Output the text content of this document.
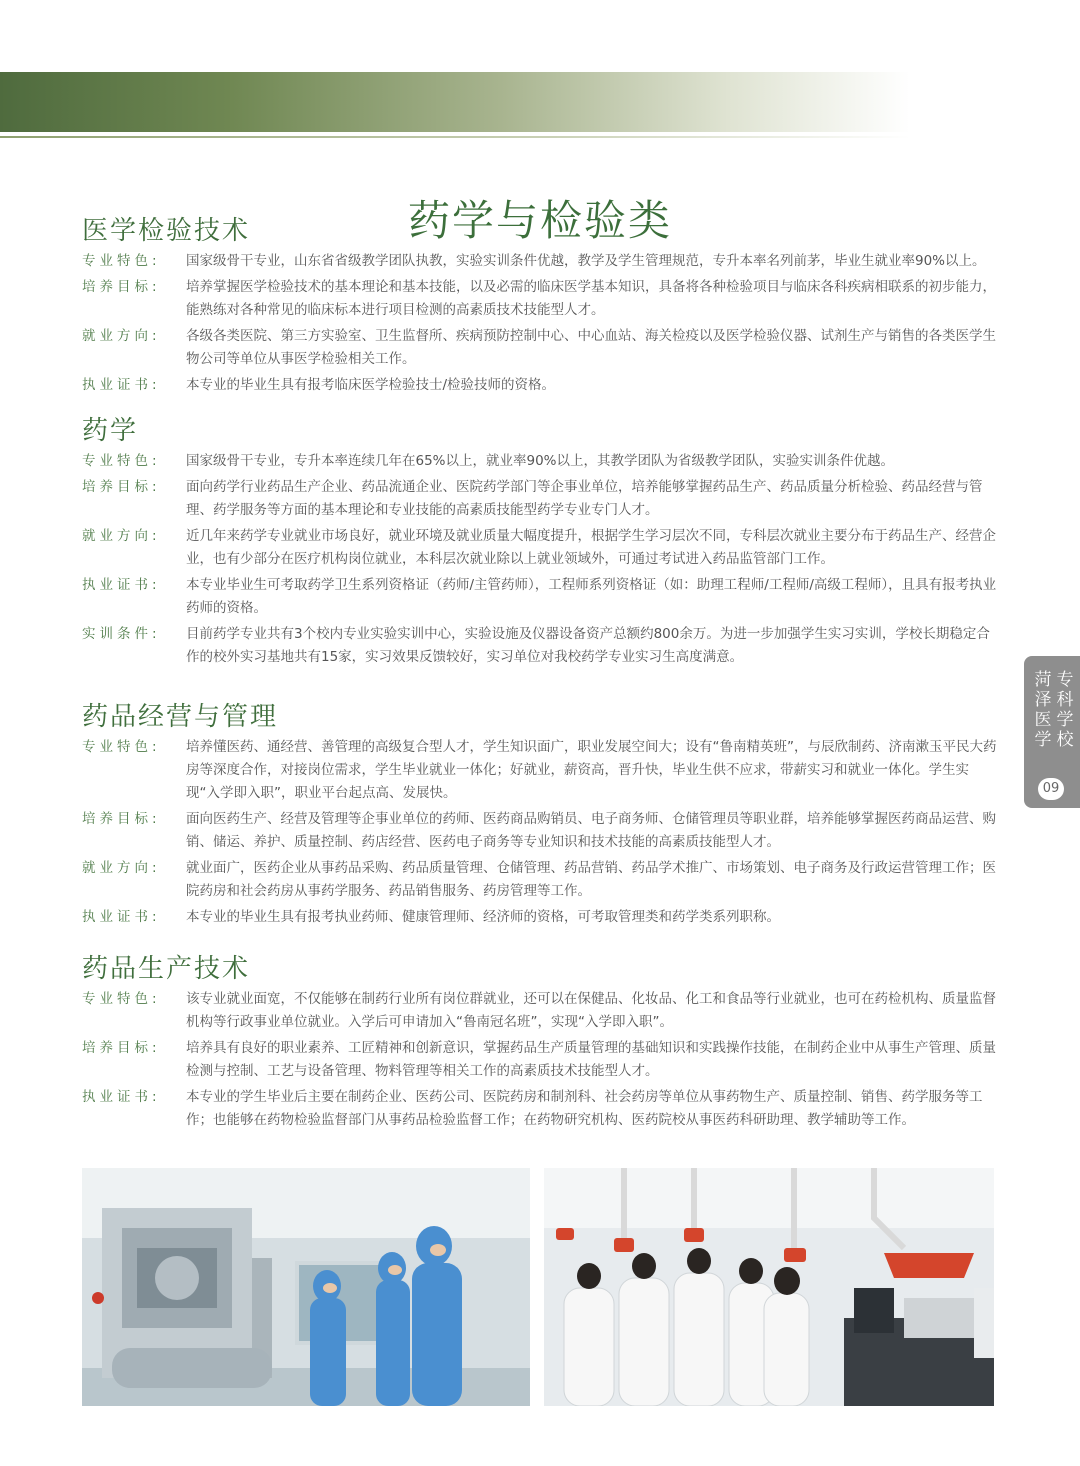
药学与检验类
医学检验技术
专业特色:	国家级骨干专业，山东省省级教学团队执教，实验实训条件优越，教学及学生管理规范，专升本率名列前茅，毕业生就业率90%以上。
培养目标:	培养掌握医学检验技术的基本理论和基本技能，以及必需的临床医学基本知识，具备将各种检验项目与临床各科疾病相联系的初步能力，能熟练对各种常见的临床标本进行项目检测的高素质技术技能型人才。
就业方向:	各级各类医院、第三方实验室、卫生监督所、疾病预防控制中心、中心血站、海关检疫以及医学检验仪器、试剂生产与销售的各类医学生物公司等单位从事医学检验相关工作。
执业证书:	本专业的毕业生具有报考临床医学检验技士/检验技师的资格。
药学
专业特色:	国家级骨干专业，专升本率连续几年在65%以上，就业率90%以上，其教学团队为省级教学团队，实验实训条件优越。
培养目标:	面向药学行业药品生产企业、药品流通企业、医院药学部门等企事业单位，培养能够掌握药品生产、药品质量分析检验、药品经营与管理、药学服务等方面的基本理论和专业技能的高素质技能型药学专业专门人才。
就业方向:	近几年来药学专业就业市场良好，就业环境及就业质量大幅度提升，根据学生学习层次不同，专科层次就业主要分布于药品生产、经营企业，也有少部分在医疗机构岗位就业，本科层次就业除以上就业领域外，可通过考试进入药品监管部门工作。
执业证书:	本专业毕业生可考取药学卫生系列资格证（药师/主管药师），工程师系列资格证（如：助理工程师/工程师/高级工程师），且具有报考执业药师的资格。
实训条件:	目前药学专业共有3个校内专业实验实训中心，实验设施及仪器设备资产总额约800余万。为进一步加强学生实习实训，学校长期稳定合作的校外实习基地共有15家，实习效果反馈较好，实习单位对我校药学专业实习生高度满意。
药品经营与管理
专业特色:	培养懂医药、通经营、善管理的高级复合型人才，学生知识面广，职业发展空间大；设有“鲁南精英班”，与辰欣制药、济南漱玉平民大药房等深度合作，对接岗位需求，学生毕业就业一体化；好就业，薪资高，晋升快，毕业生供不应求，带薪实习和就业一体化。学生实现“入学即入职”，职业平台起点高、发展快。
培养目标:	面向医药生产、经营及管理等企事业单位的药师、医药商品购销员、电子商务师、仓储管理员等职业群，培养能够掌握医药商品运营、购销、储运、养护、质量控制、药店经营、医药电子商务等专业知识和技术技能的高素质技能型人才。
就业方向:	就业面广，医药企业从事药品采购、药品质量管理、仓储管理、药品营销、药品学术推广、市场策划、电子商务及行政运营管理工作；医院药房和社会药房从事药学服务、药品销售服务、药房管理等工作。
执业证书:	本专业的毕业生具有报考执业药师、健康管理师、经济师的资格，可考取管理类和药学类系列职称。
药品生产技术
专业特色:	该专业就业面宽，不仅能够在制药行业所有岗位群就业，还可以在保健品、化妆品、化工和食品等行业就业，也可在药检机构、质量监督机构等行政事业单位就业。入学后可申请加入“鲁南冠名班”，实现“入学即入职”。
培养目标:	培养具有良好的职业素养、工匠精神和创新意识，掌握药品生产质量管理的基础知识和实践操作技能，在制药企业中从事生产管理、质量检测与控制、工艺与设备管理、物料管理等相关工作的高素质技术技能型人才。
执业证书:	本专业的学生毕业后主要在制药企业、医药公司、医院药房和制剂科、社会药房等单位从事药物生产、质量控制、销售、药学服务等工作；也能够在药物检验监督部门从事药品检验监督工作；在药物研究机构、医药院校从事医药科研助理、教学辅助等工作。
菏泽医学
专科学校
09
